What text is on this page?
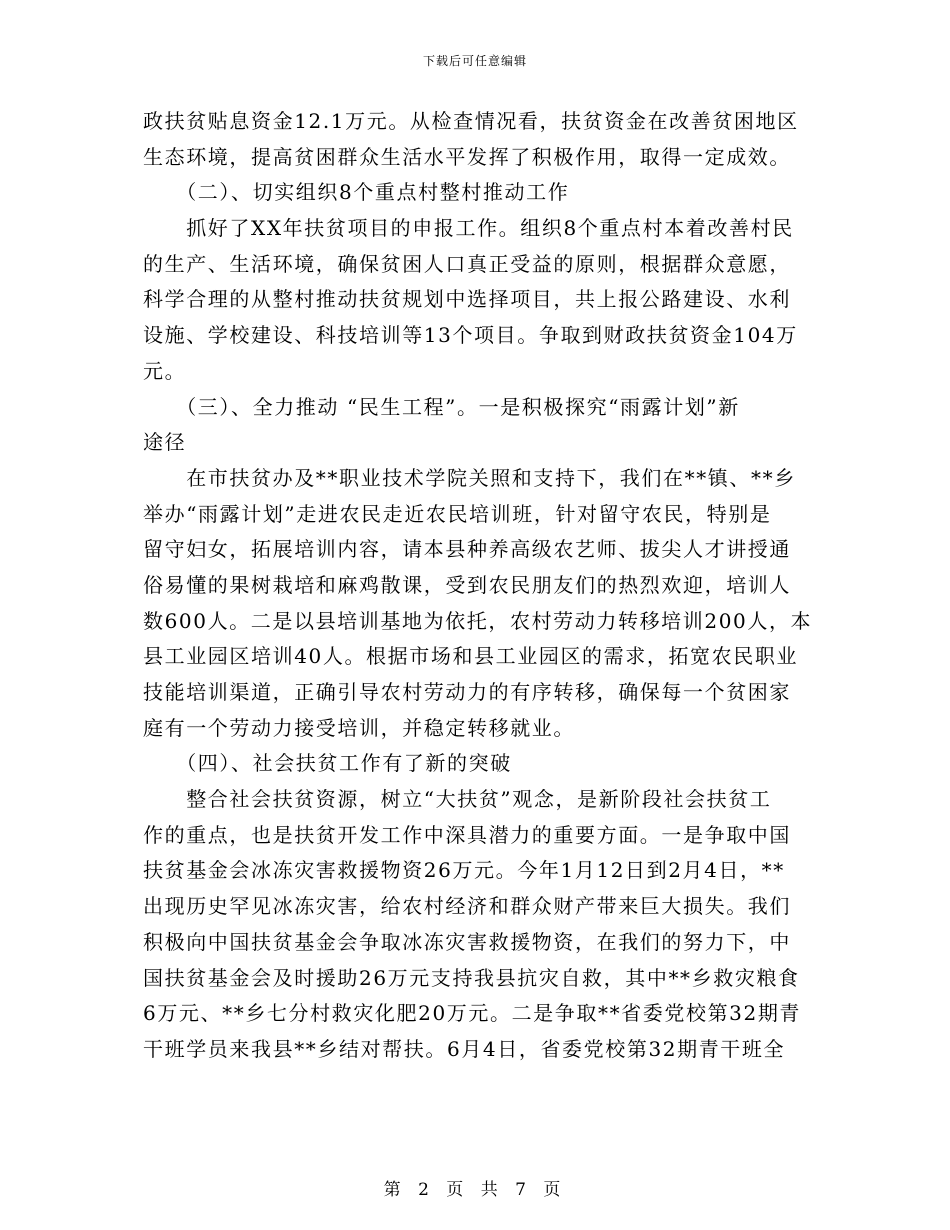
下载后可任意编辑
政扶贫贴息资金12.1万元。从检查情况看，扶贫资金在改善贫困地区
生态环境，提高贫困群众生活水平发挥了积极作用，取得一定成效。
　　（二）、切实组织8个重点村整村推动工作
　　抓好了XX年扶贫项目的申报工作。组织8个重点村本着改善村民
的生产、生活环境，确保贫困人口真正受益的原则，根据群众意愿，
科学合理的从整村推动扶贫规划中选择项目，共上报公路建设、水利
设施、学校建设、科技培训等13个项目。争取到财政扶贫资金104万
元。
　　（三）、全力推动 “民生工程”。一是积极探究“雨露计划”新
途径
　　在市扶贫办及**职业技术学院关照和支持下，我们在**镇、**乡
举办“雨露计划”走进农民走近农民培训班，针对留守农民，特别是
留守妇女，拓展培训内容，请本县种养高级农艺师、拔尖人才讲授通
俗易懂的果树栽培和麻鸡散课，受到农民朋友们的热烈欢迎，培训人
数600人。二是以县培训基地为依托，农村劳动力转移培训200人，本
县工业园区培训40人。根据市场和县工业园区的需求，拓宽农民职业
技能培训渠道，正确引导农村劳动力的有序转移，确保每一个贫困家
庭有一个劳动力接受培训，并稳定转移就业。
　　（四）、社会扶贫工作有了新的突破
　　整合社会扶贫资源，树立“大扶贫”观念，是新阶段社会扶贫工
作的重点，也是扶贫开发工作中深具潜力的重要方面。一是争取中国
扶贫基金会冰冻灾害救援物资26万元。今年1月12日到2月4日，**
出现历史罕见冰冻灾害，给农村经济和群众财产带来巨大损失。我们
积极向中国扶贫基金会争取冰冻灾害救援物资，在我们的努力下，中
国扶贫基金会及时援助26万元支持我县抗灾自救，其中**乡救灾粮食
6万元、**乡七分村救灾化肥20万元。二是争取**省委党校第32期青
干班学员来我县**乡结对帮扶。6月4日，省委党校第32期青干班全
第 2 页 共 7 页
